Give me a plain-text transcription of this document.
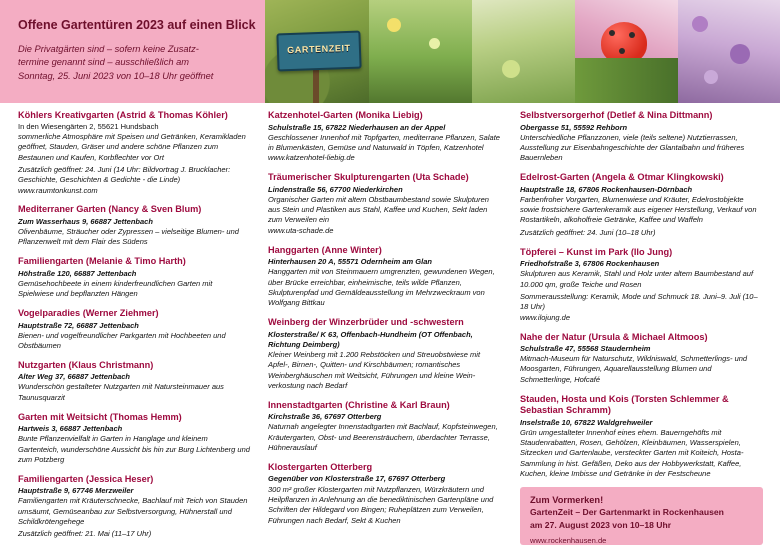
Offene Gartentüren 2023 auf einen Blick
Die Privatgärten sind – sofern keine Zusatz-
termine genannt sind – ausschließlich am
Sonntag, 25. Juni 2023 von 10–18 Uhr geöffnet
GARTENZEIT
Köhlers Kreativgarten (Astrid & Thomas Köhler)
In den Wiesengärten 2, 55621 Hundsbach
sommerliche Atmosphäre mit Speisen und Getränken, Keramikladen geöffnet, Stauden, Gräser und andere schöne Pflanzen zum Bestaunen und Kaufen, Korbflechter vor Ort
Zusätzlich geöffnet: 24. Juni (14 Uhr: Bildvortrag J. Brucklacher: Geschichte, Geschichten & Gedichte - die Linde)
www.raumtonkunst.com
Mediterraner Garten (Nancy & Sven Blum)
Zum Wasserhaus 9, 66887 Jettenbach
Olivenbäume, Sträucher oder Zypressen – vielseitige Blumen- und Pflanzenwelt mit dem Flair des Südens
Familiengarten (Melanie & Timo Harth)
Höhstraße 120, 66887 Jettenbach
Gemüsehochbeete in einem kinderfreundlichen Garten mit Spielwiese und bepflanzten Hängen
Vogelparadies (Werner Ziehmer)
Hauptstraße 72, 66887 Jettenbach
Bienen- und vogelfreundlicher Parkgarten mit Hochbeeten und Obstbäumen
Nutzgarten (Klaus Christmann)
Alter Weg 37, 66887 Jettenbach
Wunderschön gestalteter Nutzgarten mit Natursteinmauer aus Taunusquarzit
Garten mit Weitsicht (Thomas Hemm)
Hartweis 3, 66887 Jettenbach
Bunte Pflanzenvielfalt in Garten in Hanglage und kleinem Gartenteich, wunderschöne Aussicht bis hin zur Burg Lichtenberg und zum Potzberg
Familiengarten (Jessica Heser)
Hauptstraße 9, 67746 Merzweiler
Familiengarten mit Kräuterschnecke, Bachlauf mit Teich von Stauden umsäumt, Gemüseanbau zur Selbstversorgung, Hühnerstall und Schildkrötengehege
Zusätzlich geöffnet: 21. Mai (11–17 Uhr)
Katzenhotel-Garten (Monika Liebig)
Schulstraße 15, 67822 Niederhausen an der Appel
Geschlossener Innenhof mit Topfgarten, mediterrane Pflanzen, Salate in Blumenkästen, Gemüse und Naturwald in Töpfen, Katzenhotel
www.katzenhotel-liebig.de
Träumerischer Skulpturengarten (Uta Schade)
Lindenstraße 56, 67700 Niederkirchen
Organischer Garten mit altem Obstbaumbestand sowie Skulpturen aus Stein und Plastiken aus Stahl, Kaffee und Kuchen, Sekt laden zum Verweilen ein
www.uta-schade.de
Hanggarten (Anne Winter)
Hinterhausen 20 A, 55571 Odernheim am Glan
Hanggarten mit von Steinmauern umgrenzten, gewundenen Wegen, über Brücke erreichbar, einheimische, teils wilde Pflanzen, Skulpturenpfad und Gemäldeausstellung im Mehrzweckraum von Wolfgang Bittkau
Weinberg der Winzerbrüder und -schwestern
Klosterstraße/ K 63, Offenbach-Hundheim (OT Offenbach, Richtung Deimberg)
Kleiner Weinberg mit 1.200 Rebstöcken und Streuobstwiese mit Apfel-, Birnen-, Quitten- und Kirschbäumen; romantisches Weinberghäuschen mit Weitsicht, Führungen und kleine Weinverkostung nach Bedarf
Innenstadtgarten (Christine & Karl Braun)
Kirchstraße 36, 67697 Otterberg
Naturnah angelegter Innenstadtgarten mit Bachlauf, Kopfsteinwegen, Kräutergarten, Obst- und Beerensträuchern, überdachter Terrasse, Hühnerauslauf
Klostergarten Otterberg
Gegenüber von Klosterstraße 17, 67697 Otterberg
300 m² großer Klostergarten mit Nutzpflanzen, Würzkräutern und Heilpflanzen in Anlehnung an die benediktinischen Gartenpläne und Schriften der Hildegard von Bingen; Ruheplätzen zum Verweilen, Führungen nach Bedarf, Sekt & Kuchen
Selbstversorgerhof (Detlef & Nina Dittmann)
Obergasse 51, 55592 Rehborn
Unterschiedliche Pflanzzonen, viele (teils seltene) Nutztierrassen, Ausstellung zur Eisenbahngeschichte der Glantalbahn und früheres Bauernleben
Edelrost-Garten (Angela & Otmar Klingkowski)
Hauptstraße 18, 67806 Rockenhausen-Dörnbach
Farbenfroher Vorgarten, Blumenwiese und Kräuter, Edelrostobjekte sowie frostsichere Gartenkeramik aus eigener Herstellung, Verkauf von Rostartikeln, alkoholfreie Getränke, Kaffee und Waffeln
Zusätzlich geöffnet: 24. Juni (10–18 Uhr)
Töpferei – Kunst im Park (Ilo Jung)
Friedhofstraße 3, 67806 Rockenhausen
Skulpturen aus Keramik, Stahl und Holz unter altem Baumbestand auf 10.000 qm, große Teiche und Rosen
Sommerausstellung: Keramik, Mode und Schmuck 18. Juni–9. Juli (10–18 Uhr)
www.ilojung.de
Nahe der Natur (Ursula & Michael Altmoos)
Schulstraße 47, 55568 Staudernheim
Mitmach-Museum für Naturschutz, Wildniswald, Schmetterlings- und Moosgarten, Führungen, Aquarellausstellung Blumen und Schmetterlinge, Hofcafé
Stauden, Hosta und Kois (Torsten Schlemmer & Sebastian Schramm)
Inselstraße 10, 67822 Waldgrehweiler
Grün umgestalteter Innenhof eines ehem. Bauerngehöfts mit Staudenrabatten, Rosen, Gehölzen, Kleinbäumen, Wasserspielen, Sitzecken und Gartenlaube, versteckter Garten mit Koiteich, Hosta-Sammlung in hist. Gefäßen, Deko aus der Hobbywerkstatt, Kaffee, Kuchen, kleine Imbisse und Getränke in der Festscheune
Zum Vormerken!
GartenZeit – Der Gartenmarkt in Rockenhausen
am 27. August 2023 von 10–18 Uhr
www.rockenhausen.de
